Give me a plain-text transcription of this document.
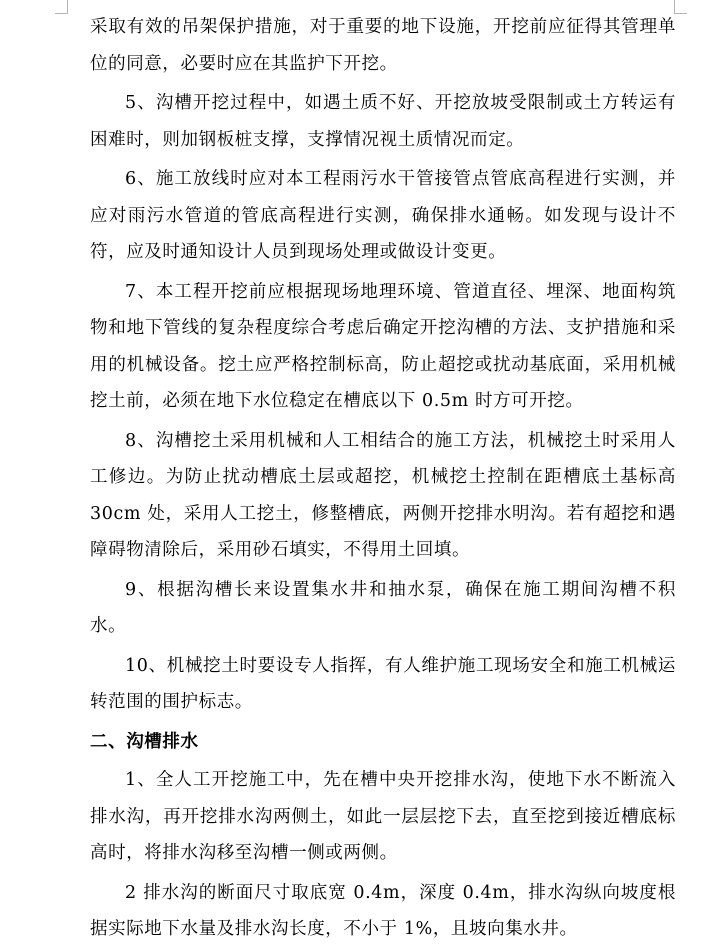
采取有效的吊架保护措施，对于重要的地下设施，开挖前应征得其管理单位的同意，必要时应在其监护下开挖。

5、沟槽开挖过程中，如遇土质不好、开挖放坡受限制或土方转运有困难时，则加钢板桩支撑，支撑情况视土质情况而定。

6、施工放线时应对本工程雨污水干管接管点管底高程进行实测，并应对雨污水管道的管底高程进行实测，确保排水通畅。如发现与设计不符，应及时通知设计人员到现场处理或做设计变更。

7、本工程开挖前应根据现场地理环境、管道直径、埋深、地面构筑物和地下管线的复杂程度综合考虑后确定开挖沟槽的方法、支护措施和采用的机械设备。挖土应严格控制标高，防止超挖或扰动基底面，采用机械挖土前，必须在地下水位稳定在槽底以下 0.5m 时方可开挖。

8、沟槽挖土采用机械和人工相结合的施工方法，机械挖土时采用人工修边。为防止扰动槽底土层或超挖，机械挖土控制在距槽底土基标高30cm 处，采用人工挖土，修整槽底，两侧开挖排水明沟。若有超挖和遇障碍物清除后，采用砂石填实，不得用土回填。

9、根据沟槽长来设置集水井和抽水泵，确保在施工期间沟槽不积水。

10、机械挖土时要设专人指挥，有人维护施工现场安全和施工机械运转范围的围护标志。

二、沟槽排水

1、全人工开挖施工中，先在槽中央开挖排水沟，使地下水不断流入排水沟，再开挖排水沟两侧土，如此一层层挖下去，直至挖到接近槽底标高时，将排水沟移至沟槽一侧或两侧。

2 排水沟的断面尺寸取底宽 0.4m，深度 0.4m，排水沟纵向坡度根据实际地下水量及排水沟长度，不小于 1%，且坡向集水井。
